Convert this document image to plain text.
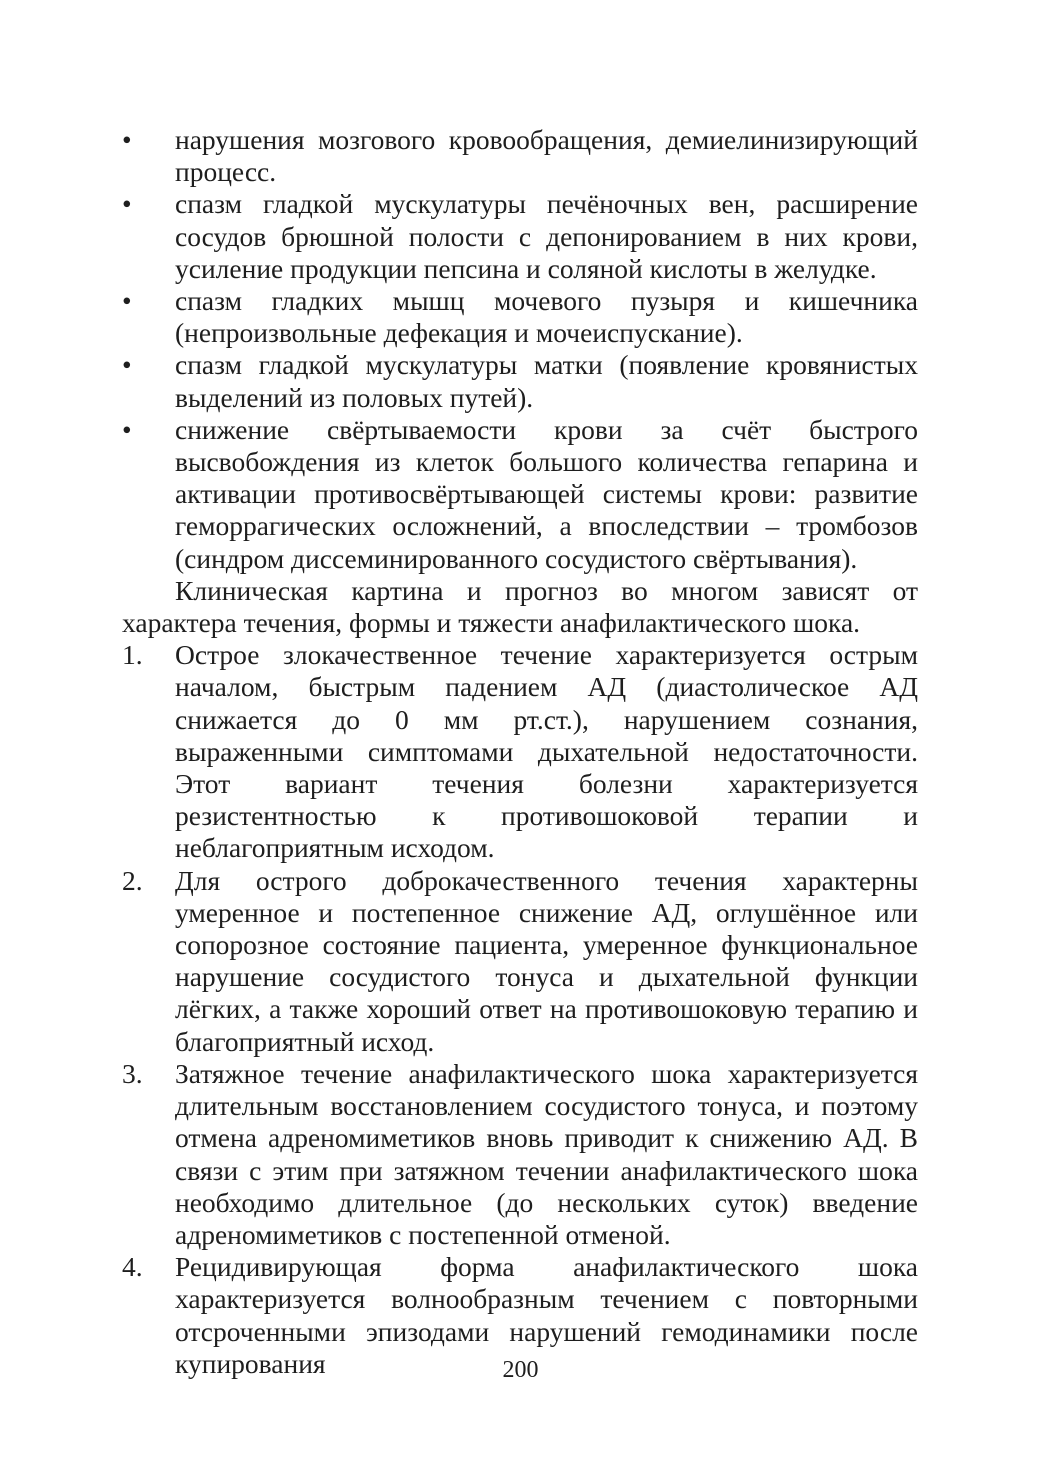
• нарушения мозгового кровообращения, демиелинизирующий процесс.
• спазм гладкой мускулатуры печёночных вен, расширение сосудов брюшной полости с депонированием в них крови, усиление продукции пепсина и соляной кислоты в желудке.
• спазм гладких мышц мочевого пузыря и кишечника (непроизвольные дефекация и мочеиспускание).
• спазм гладкой мускулатуры матки (появление кровянистых выделений из половых путей).
• снижение свёртываемости крови за счёт быстрого высвобождения из клеток большого количества гепарина и активации противосвёртывающей системы крови: развитие геморрагических осложнений, а впоследствии – тромбозов (синдром диссеминированного сосудистого свёртывания).

Клиническая картина и прогноз во многом зависят от характера течения, формы и тяжести анафилактического шока.

1. Острое злокачественное течение характеризуется острым началом, быстрым падением АД (диастолическое АД снижается до 0 мм рт.ст.), нарушением сознания, выраженными симптомами дыхательной недостаточности. Этот вариант течения болезни характеризуется резистентностью к противошоковой терапии и неблагоприятным исходом.
2. Для острого доброкачественного течения характерны умеренное и постепенное снижение АД, оглушённое или сопорозное состояние пациента, умеренное функциональное нарушение сосудистого тонуса и дыхательной функции лёгких, а также хороший ответ на противошоковую терапию и благоприятный исход.
3. Затяжное течение анафилактического шока характеризуется длительным восстановлением сосудистого тонуса, и поэтому отмена адреномиметиков вновь приводит к снижению АД. В связи с этим при затяжном течении анафилактического шока необходимо длительное (до нескольких суток) введение адреномиметиков с постепенной отменой.
4. Рецидивирующая форма анафилактического шока характеризуется волнообразным течением с повторными отсроченными эпизодами нарушений гемодинамики после купирования	200
